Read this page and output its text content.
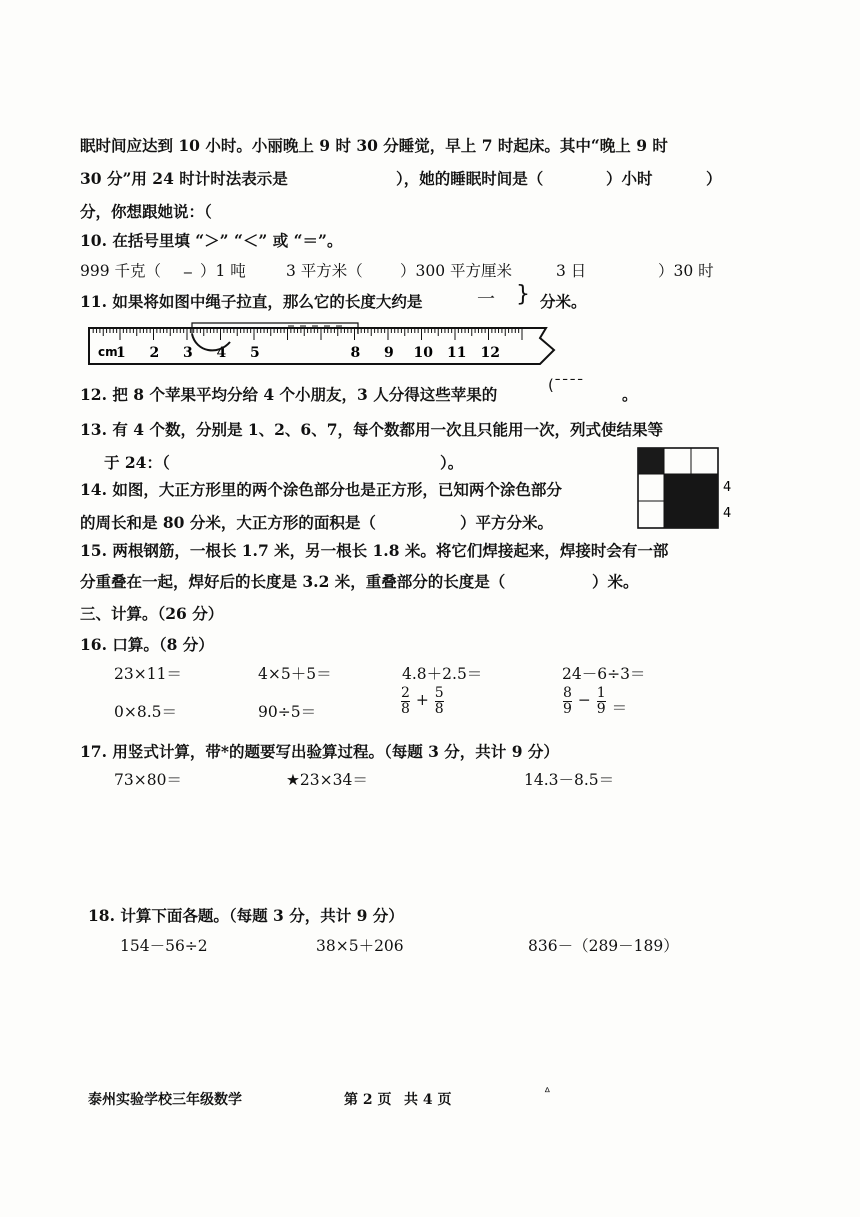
眠时间应达到 10 小时。小丽晚上 9 时 30 分睡觉，早上 7 时起床。其中“晚上 9 时
30 分”用 24 时计时法表示是	），她的睡眠时间是（	）小时	）
分，你想跟她说：（
10. 在括号里填 “＞” “＜” 或 “＝”。
999 千克（ _ ）1 吨	3 平方米（ ）300 平方厘米	3 日	）30 时
11. 如果将如图中绳子拉直，那么它的长度大约是	一 } 分米。
cm
1 2 3 4 5	8 9 10 11 12
12. 把 8 个苹果平均分给 4 个小朋友，3 人分得这些苹果的	(¯¯¯¯ 。
13. 有 4 个数，分别是 1、2、6、7，每个数都用一次且只能用一次，列式使结果等
于 24：（	）。
4
4
14. 如图，大正方形里的两个涂色部分也是正方形，已知两个涂色部分
的周长和是 80 分米，大正方形的面积是（	）平方分米。
15. 两根钢筋，一根长 1.7 米，另一根长 1.8 米。将它们焊接起来，焊接时会有一部
分重叠在一起，焊好后的长度是 3.2 米，重叠部分的长度是（	）米。
三、计算。（26 分）
16. 口算。（8 分）
23×11＝	4×5＋5＝	4.8＋2.5＝	24－6÷3＝
0×8.5＝	90÷5＝	$\frac{2}{8} + \frac{5}{8}$	$\frac{8}{9} - \frac{1}{9}$ ＝
17. 用竖式计算，带*的题要写出验算过程。（每题 3 分，共计 9 分）
73×80＝	★23×34＝	14.3－8.5＝
18. 计算下面各题。（每题 3 分，共计 9 分）
154－56÷2	38×5＋206	836－（289－189）
泰州实验学校三年级数学	第 2 页 共 4 页	ᐞ
